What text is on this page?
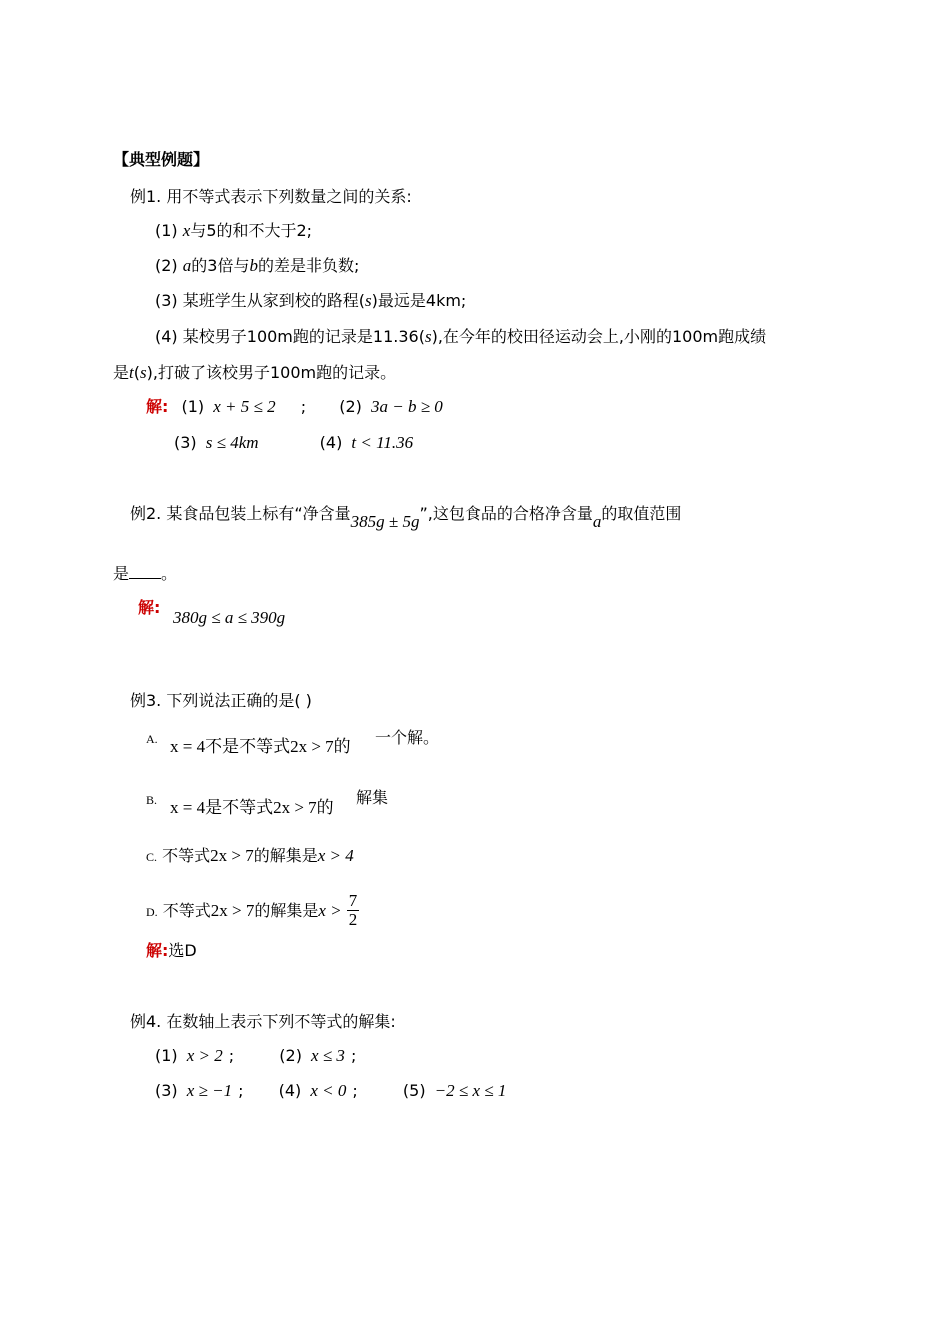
【典型例题】
例1. 用不等式表示下列数量之间的关系:
(1) x与5的和不大于2;
(2) a的3倍与b的差是非负数;
(3) 某班学生从家到校的路程(s)最远是4km;
(4) 某校男子100m跑的记录是11.36(s),在今年的校田径运动会上,小刚的100m跑成绩
是t(s),打破了该校男子100m跑的记录。
解: (1) x + 5 ≤ 2 ; (2) 3a − b ≥ 0
(3) s ≤ 4km	(4) t < 11.36
例2. 某食品包装上标有“净含量385g ± 5g”,这包食品的合格净含量a的取值范围
是 。
解:
380g ≤ a ≤ 390g
例3. 下列说法正确的是( )
A. x = 4不是不等式2x > 7的 一个解。
B. x = 4是不等式2x > 7的
解集
C. 不等式2x > 7的解集是x > 4
D. 不等式2x > 7的解集是$x > \frac{7}{2}$
解:选D
例4. 在数轴上表示下列不等式的解集:
(1) x > 2 ;	(2) x ≤ 3 ;
(3) x ≥ −1 ; (4) x < 0 ;	(5) −2 ≤ x ≤ 1
